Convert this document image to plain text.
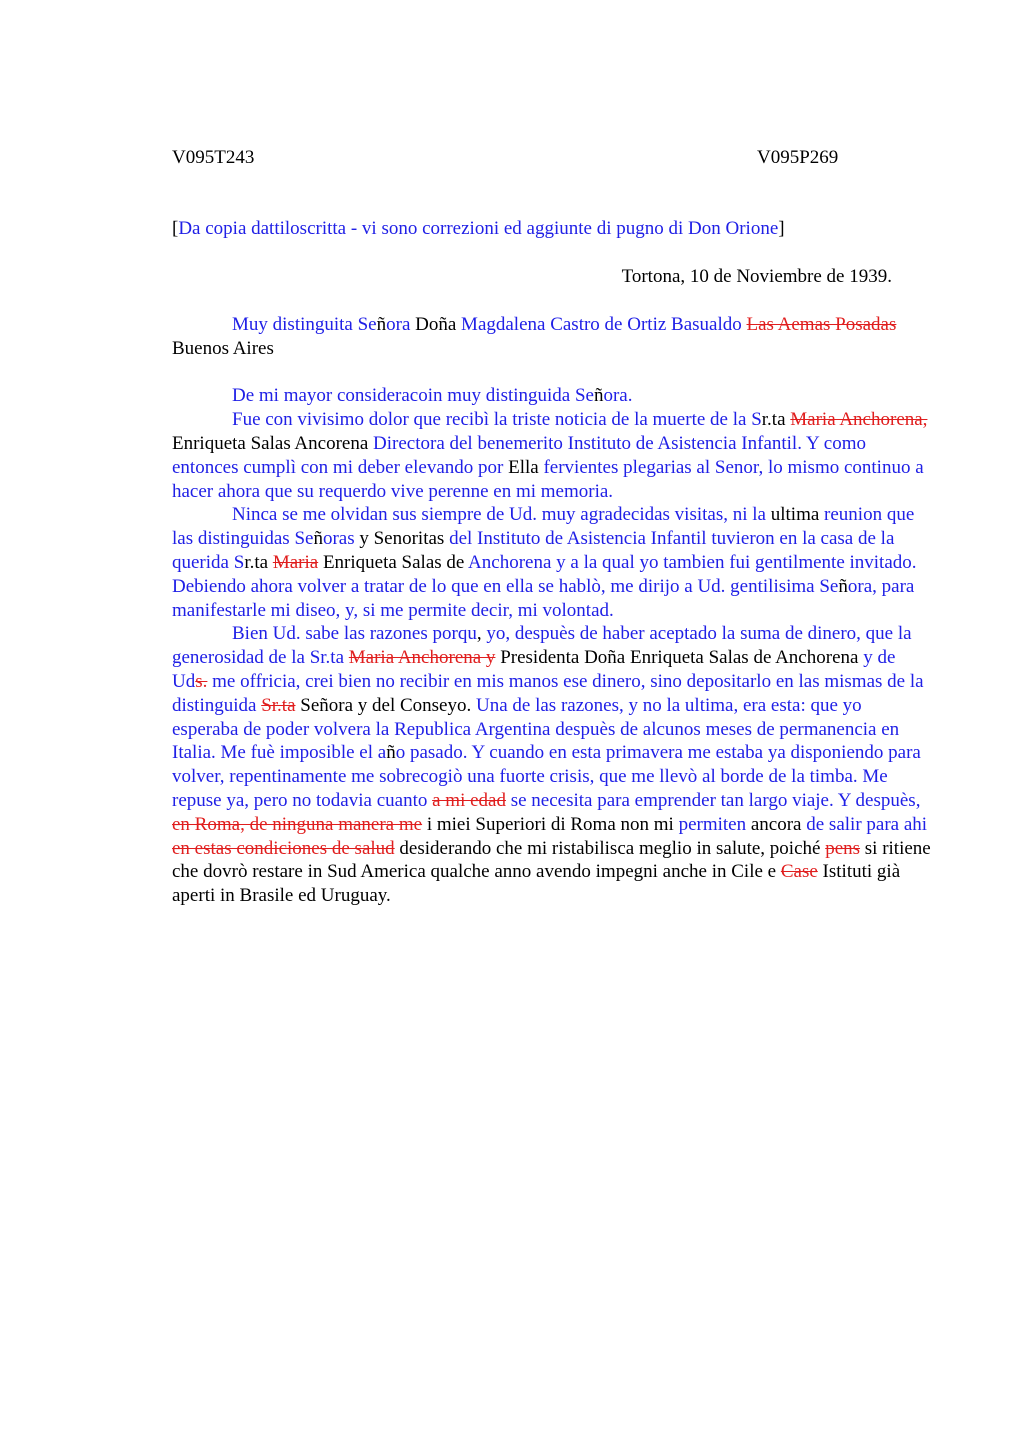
V095T243	V095P269
[Da copia dattiloscritta - vi sono correzioni ed aggiunte di pugno di Don Orione]
Tortona, 10 de Noviembre de 1939.

Muy distinguita Señora Doña Magdalena Castro de Ortiz Basualdo Las Aemas Posadas Buenos Aires

De mi mayor consideracoin muy distinguida Señora.

Fue con vivisimo dolor que recibì la triste noticia de la muerte de la Sr.ta Maria Anchorena, Enriqueta Salas Ancorena Directora del benemerito Instituto de Asistencia Infantil. Y como entonces cumplì con mi deber elevando por Ella fervientes plegarias al Senor, lo mismo continuo a hacer ahora que su requerdo vive perenne en mi memoria.

Ninca se me olvidan sus siempre de Ud. muy agradecidas visitas, ni la ultima reunion que las distinguidas Señoras y Senoritas del Instituto de Asistencia Infantil tuvieron en la casa de la querida Sr.ta Maria Enriqueta Salas de Anchorena y a la qual yo tambien fui gentilmente invitado. Debiendo ahora volver a tratar de lo que en ella se hablò, me dirijo a Ud. gentilisima Señora, para manifestarle mi diseo, y, si me permite decir, mi volontad.

Bien Ud. sabe las razones porqu, yo, despuès de haber aceptado la suma de dinero, que la generosidad de la Sr.ta Maria Anchorena y Presidenta Doña Enriqueta Salas de Anchorena y de Uds. me offricia, crei bien no recibir en mis manos ese dinero, sino depositarlo en las mismas de la distinguida Sr.ta Señora y del Conseyo. Una de las razones, y no la ultima, era esta: que yo esperaba de poder volvera la Republica Argentina despuès de alcunos meses de permanencia en Italia. Me fuè imposible el año pasado. Y cuando en esta primavera me estaba ya disponiendo para volver, repentinamente me sobrecogiò una fuorte crisis, que me llevò al borde de la timba. Me repuse ya, pero no todavia cuanto a mi edad se necesita para emprender tan largo viaje. Y despuès, en Roma, de ninguna manera me i miei Superiori di Roma non mi permiten ancora de salir para ahi en estas condiciones de salud desiderando che mi ristabilisca meglio in salute, poiché pens si ritiene che dovrò restare in Sud America qualche anno avendo impegni anche in Cile e Case Istituti già aperti in Brasile ed Uruguay.
